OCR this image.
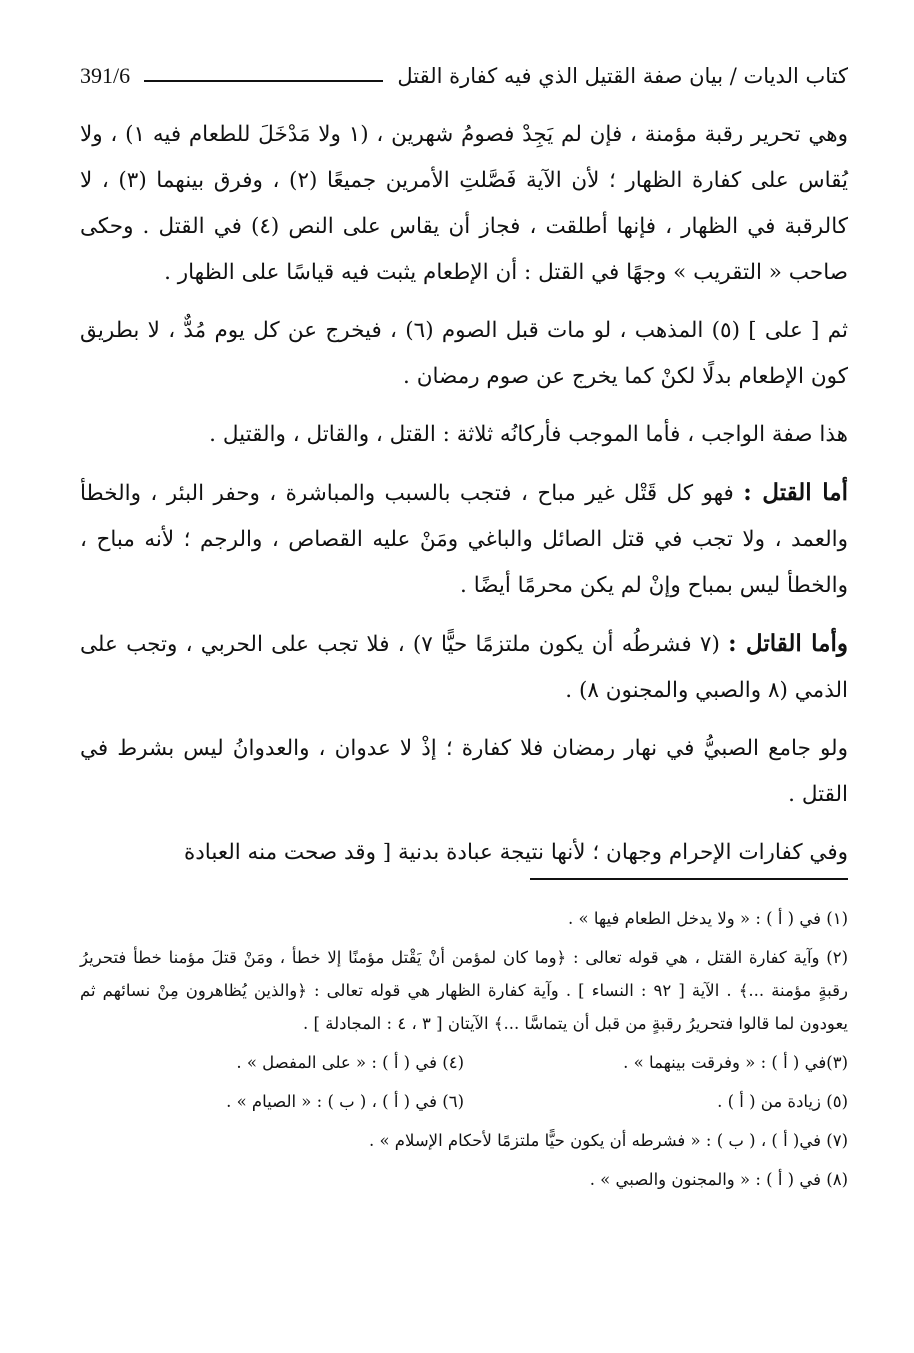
كتاب الديات / بيان صفة القتيل الذي فيه كفارة القتل
391/6

وهي تحرير رقبة مؤمنة ، فإن لم يَجِدْ فصومُ شهرين ، (١ ولا مَدْخَلَ للطعام فيه ١) ، ولا يُقاس على كفارة الظهار ؛ لأن الآية فَصَّلتِ الأمرين جميعًا (٢) ، وفرق بينهما (٣) ، لا كالرقبة في الظهار ، فإنها أطلقت ، فجاز أن يقاس على النص (٤) في القتل . وحكى صاحب « التقريب » وجهًا في القتل : أن الإطعام يثبت فيه قياسًا على الظهار .

ثم [ على ] (٥) المذهب ، لو مات قبل الصوم (٦) ، فيخرج عن كل يوم مُدٌّ ، لا بطريق كون الإطعام بدلًا لكنْ كما يخرج عن صوم رمضان .

هذا صفة الواجب ، فأما الموجب فأركانُه ثلاثة : القتل ، والقاتل ، والقتيل .

أما القتل : فهو كل قَتْل غير مباح ، فتجب بالسبب والمباشرة ، وحفر البئر ، والخطأ والعمد ، ولا تجب في قتل الصائل والباغي ومَنْ عليه القصاص ، والرجم ؛ لأنه مباح ، والخطأ ليس بمباح وإنْ لم يكن محرمًا أيضًا .

وأما القاتل : (٧ فشرطُه أن يكون ملتزمًا حيًّا ٧) ، فلا تجب على الحربي ، وتجب على الذمي (٨ والصبي والمجنون ٨) .

ولو جامع الصبيُّ في نهار رمضان فلا كفارة ؛ إذْ لا عدوان ، والعدوانُ ليس بشرط في القتل .

وفي كفارات الإحرام وجهان ؛ لأنها نتيجة عبادة بدنية [ وقد صحت منه العبادة

(١) في ( أ ) : « ولا يدخل الطعام فيها » .

(٢) وآية كفارة القتل ، هي قوله تعالى : ﴿وما كان لمؤمن أنْ يَقْتل مؤمنًا إلا خطأ ، ومَنْ قتلَ مؤمنا خطأ فتحريرُ رقبةٍ مؤمنة ...﴾ . الآية [ ٩٢ : النساء ] . وآية كفارة الظهار هي قوله تعالى : ﴿والذين يُظاهرون مِنْ نسائهم ثم يعودون لما قالوا فتحريرُ رقبةٍ من قبل أن يتماسَّا ...﴾ الآيتان [ ٣ ، ٤ : المجادلة ] .

(٣)في ( أ ) : « وفرقت بينهما » .
(٤) في ( أ ) : « على المفصل » .
(٥) زيادة من ( أ ) .
(٦) في ( أ ) ، ( ب ) : « الصيام » .

(٧) في( أ ) ، ( ب ) : « فشرطه أن يكون حيًّا ملتزمًا لأحكام الإسلام » .

(٨) في ( أ ) : « والمجنون والصبي » .
